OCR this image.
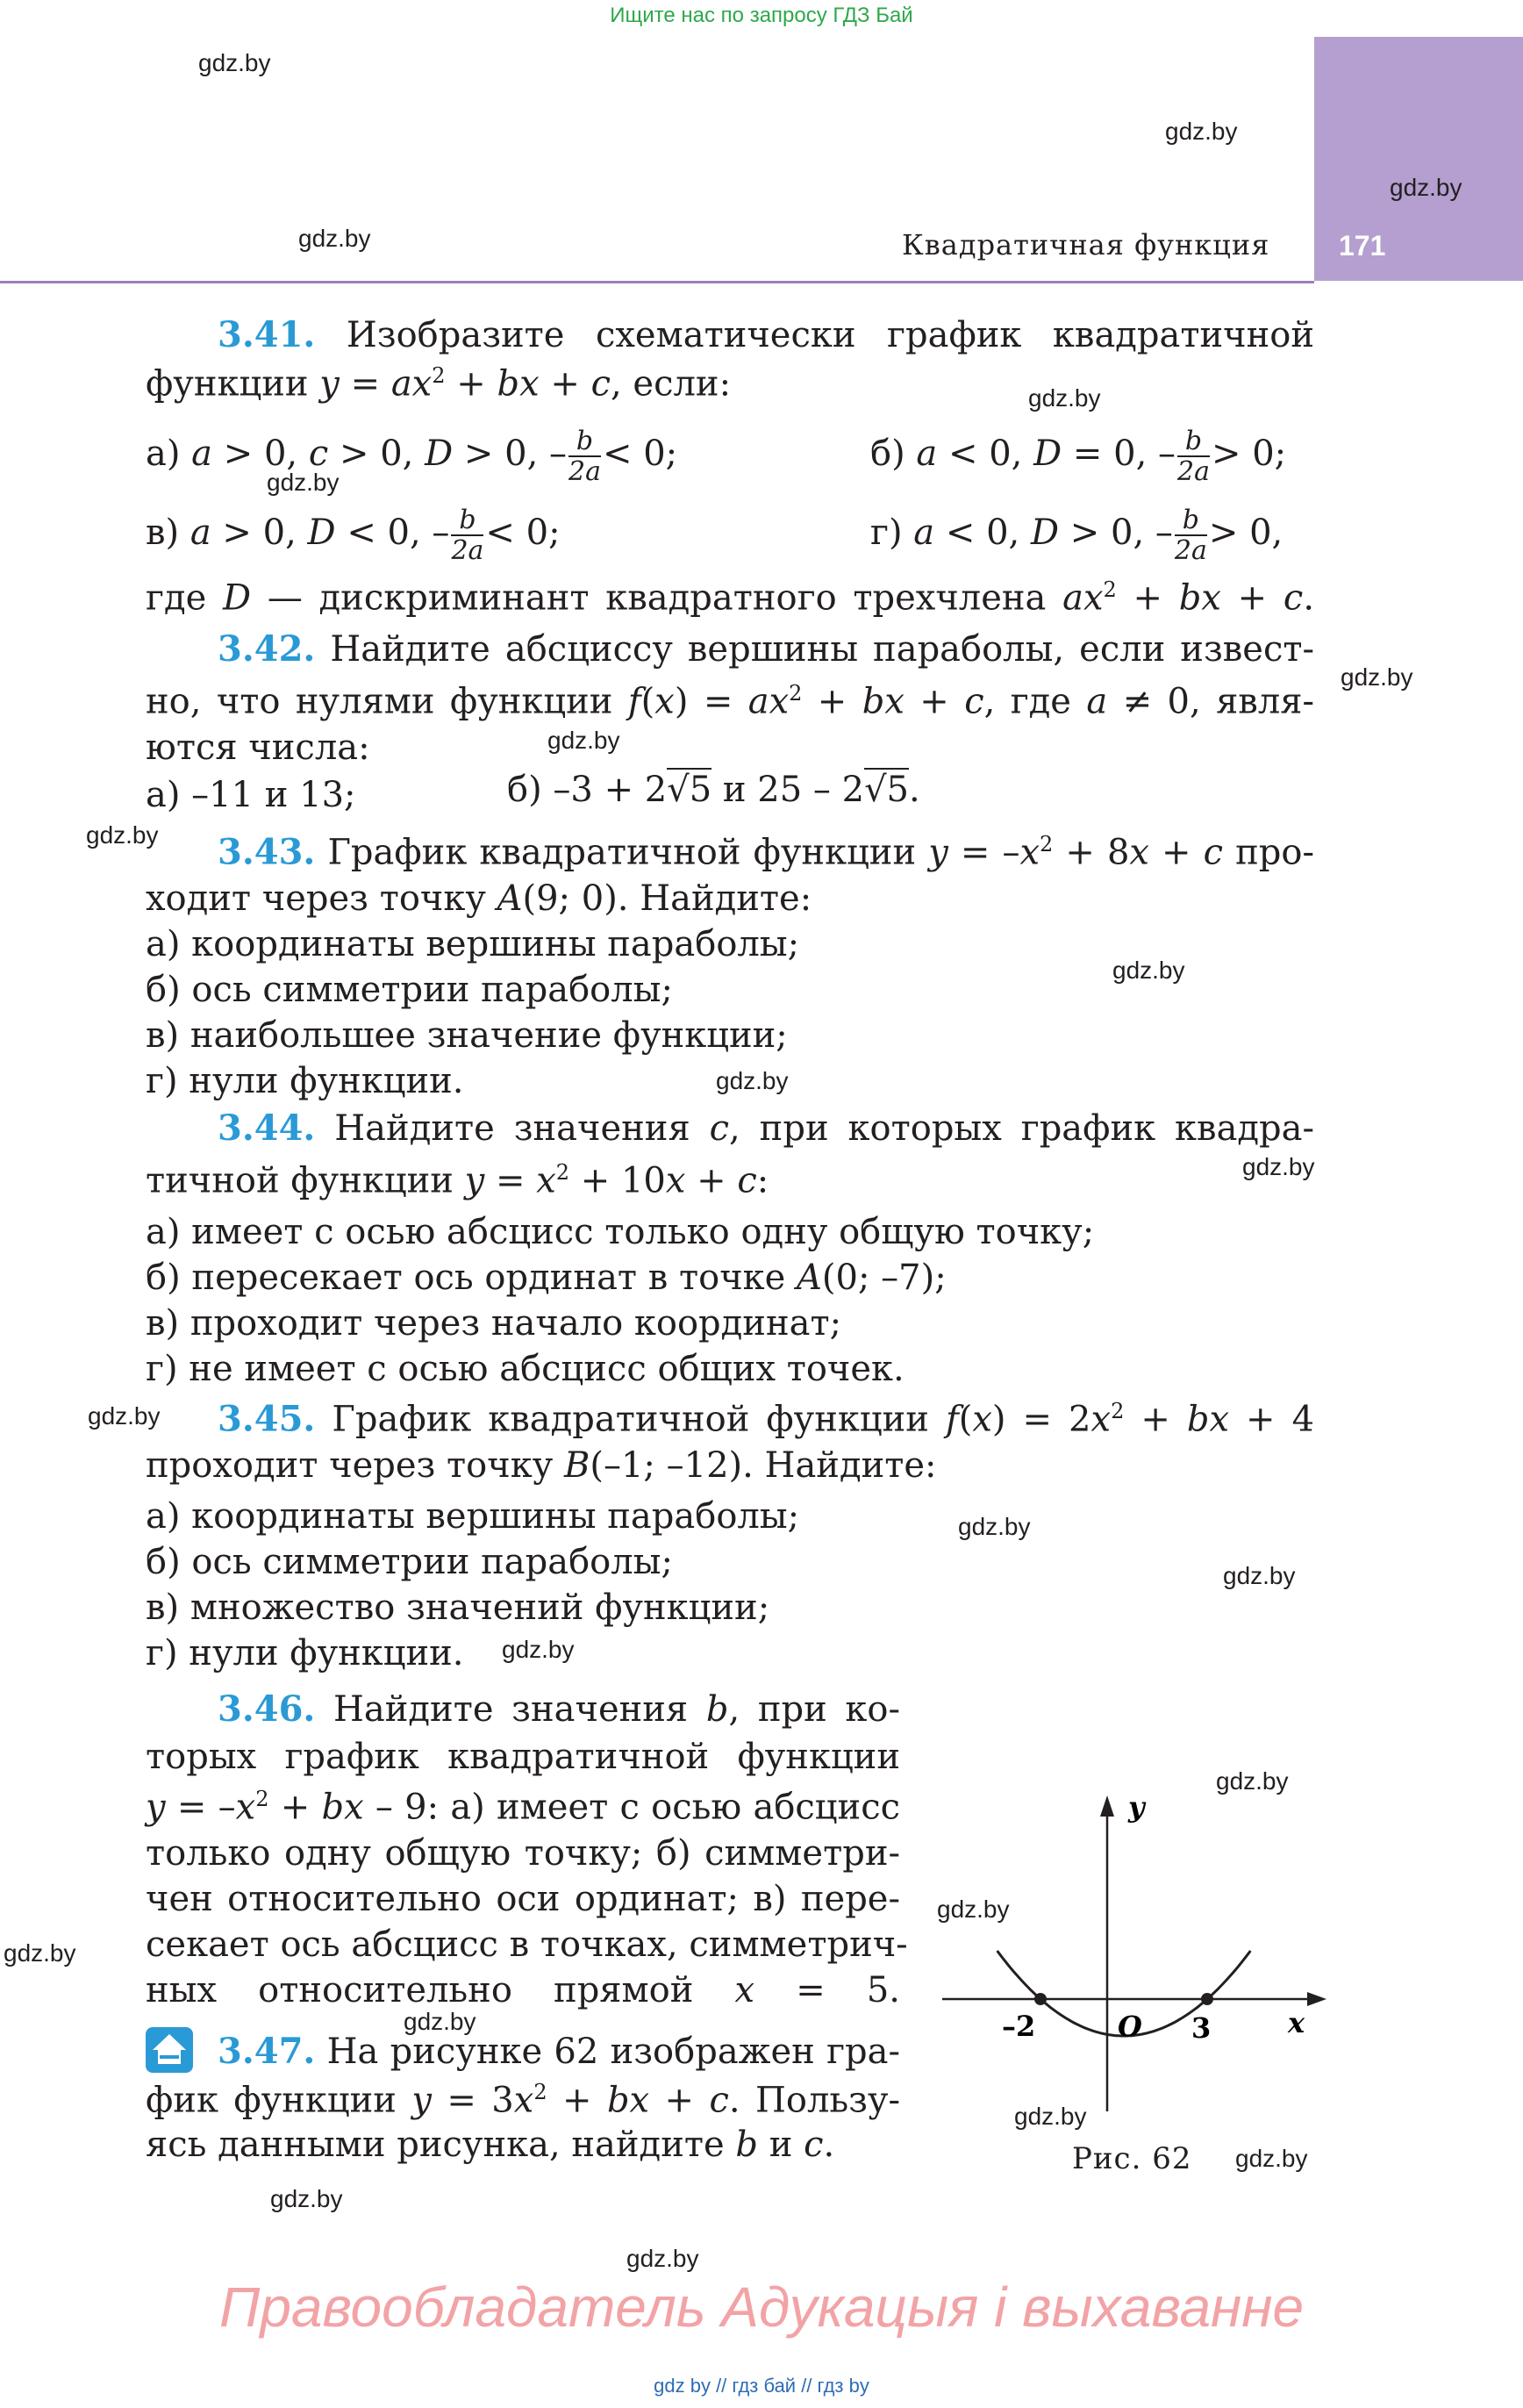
Ищите нас по запросу ГДЗ Бай
171
Квадратичная функция
gdz.by
gdz.by
gdz.by
gdz.by
gdz.by
gdz.by
gdz.by
gdz.by
gdz.by
gdz.by
gdz.by
gdz.by
gdz.by
gdz.by
gdz.by
gdz.by
gdz.by
gdz.by
gdz.by
gdz.by
gdz.by
gdz.by
gdz.by
gdz.by
3.41. Изобразите схематически график квадратичной
функции $y = ax^2$ + bx + c, если:
а) a > 0, c > 0, D > 0, – $\frac{b}{2a} < 0$;	б) a < 0, D = 0, – $\frac{b}{2a} > 0$;
в) a > 0, D < 0, – $\frac{b}{2a} < 0$;	г) a < 0, D > 0, – $\frac{b}{2a} > 0$,
где D — дискриминант квадратного трехчлена $ax^2$ + bx + c.
3.42. Найдите абсциссу вершины параболы, если извест-
но, что нулями функции $f(x) = ax^2$ + bx + c, где a ≠ 0, явля-
ются числа:
а) –11 и 13;	б) –3 + 2√5 и 25 – 2√5.
3.43. График квадратичной функции $y = -x^2 + 8x + c$ про-
ходит через точку A(9; 0). Найдите:
а) координаты вершины параболы;
б) ось симметрии параболы;
в) наибольшее значение функции;
г) нули функции.
3.44. Найдите значения c, при которых график квадра-
тичной функции $y = x^2 + 10x + c$:
а) имеет с осью абсцисс только одну общую точку;
б) пересекает ось ординат в точке A(0; –7);
в) проходит через начало координат;
г) не имеет с осью абсцисс общих точек.
3.45. График квадратичной функции $f(x) = 2x^2$ + bx + 4
проходит через точку B(–1; –12). Найдите:
а) координаты вершины параболы;
б) ось симметрии параболы;
в) множество значений функции;
г) нули функции.
3.46. Найдите значения b, при ко-
торых график квадратичной функции
$y = -x^2$ + bx – 9: а) имеет с осью абсцисс
только одну общую точку; б) симметри-
чен относительно оси ординат; в) пере-
секает ось абсцисс в точках, симметрич-
ных относительно прямой x = 5.
3.47. На рисунке 62 изображен гра-
фик функции $y = 3x^2$ + bx + c. Пользу-
ясь данными рисунка, найдите b и c.
y
x
O
–2	3
Рис. 62
Правообладатель Адукацыя і выхаванне
gdz by // гдз бай // гдз by
